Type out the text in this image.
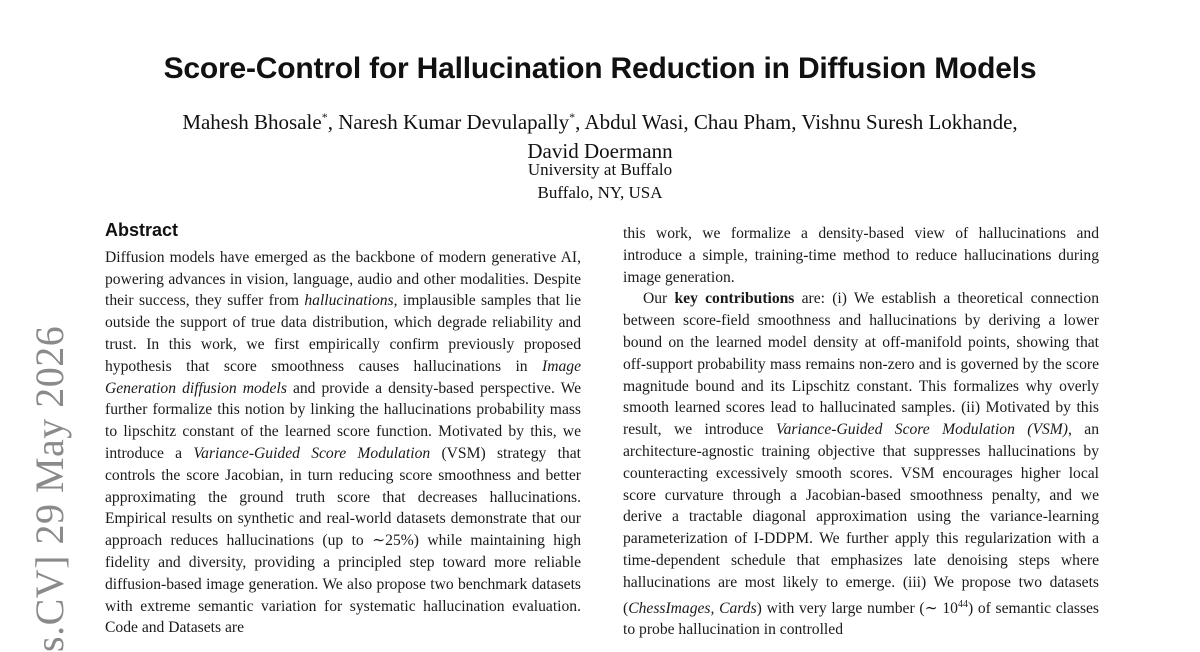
Score-Control for Hallucination Reduction in Diffusion Models
Mahesh Bhosale*, Naresh Kumar Devulapally*, Abdul Wasi, Chau Pham, Vishnu Suresh Lokhande,
David Doermann
University at Buffalo
Buffalo, NY, USA
Abstract

Diffusion models have emerged as the backbone of modern generative AI, powering advances in vision, language, audio and other modalities. Despite their success, they suffer from hallucinations, implausible samples that lie outside the support of true data distribution, which degrade reliability and trust. In this work, we first empirically confirm previously proposed hypothesis that score smoothness causes hallucinations in Image Generation diffusion models and provide a density-based perspective. We further formalize this notion by linking the hallucinations probability mass to lipschitz constant of the learned score function. Motivated by this, we introduce a Variance-Guided Score Modulation (VSM) strategy that controls the score Jacobian, in turn reducing score smoothness and better approximating the ground truth score that decreases hallucinations. Empirical results on synthetic and real-world datasets demonstrate that our approach reduces hallucinations (up to ∼25%) while maintaining high fidelity and diversity, providing a principled step toward more reliable diffusion-based image generation. We also propose two benchmark datasets with extreme semantic variation for systematic hallucination evaluation. Code and Datasets are

this work, we formalize a density-based view of hallucinations and introduce a simple, training-time method to reduce hallucinations during image generation.

Our key contributions are: (i) We establish a theoretical connection between score-field smoothness and hallucinations by deriving a lower bound on the learned model density at off-manifold points, showing that off-support probability mass remains non-zero and is governed by the score magnitude bound and its Lipschitz constant. This formalizes why overly smooth learned scores lead to hallucinated samples. (ii) Motivated by this result, we introduce Variance-Guided Score Modulation (VSM), an architecture-agnostic training objective that suppresses hallucinations by counteracting excessively smooth scores. VSM encourages higher local score curvature through a Jacobian-based smoothness penalty, and we derive a tractable diagonal approximation using the variance-learning parameterization of I-DDPM. We further apply this regularization with a time-dependent schedule that emphasizes late denoising steps where hallucinations are most likely to emerge. (iii) We propose two datasets (ChessImages, Cards) with very large number (∼ $10^{44}$) of semantic classes to probe hallucination in controlled

s.CV] 29 May 2026
